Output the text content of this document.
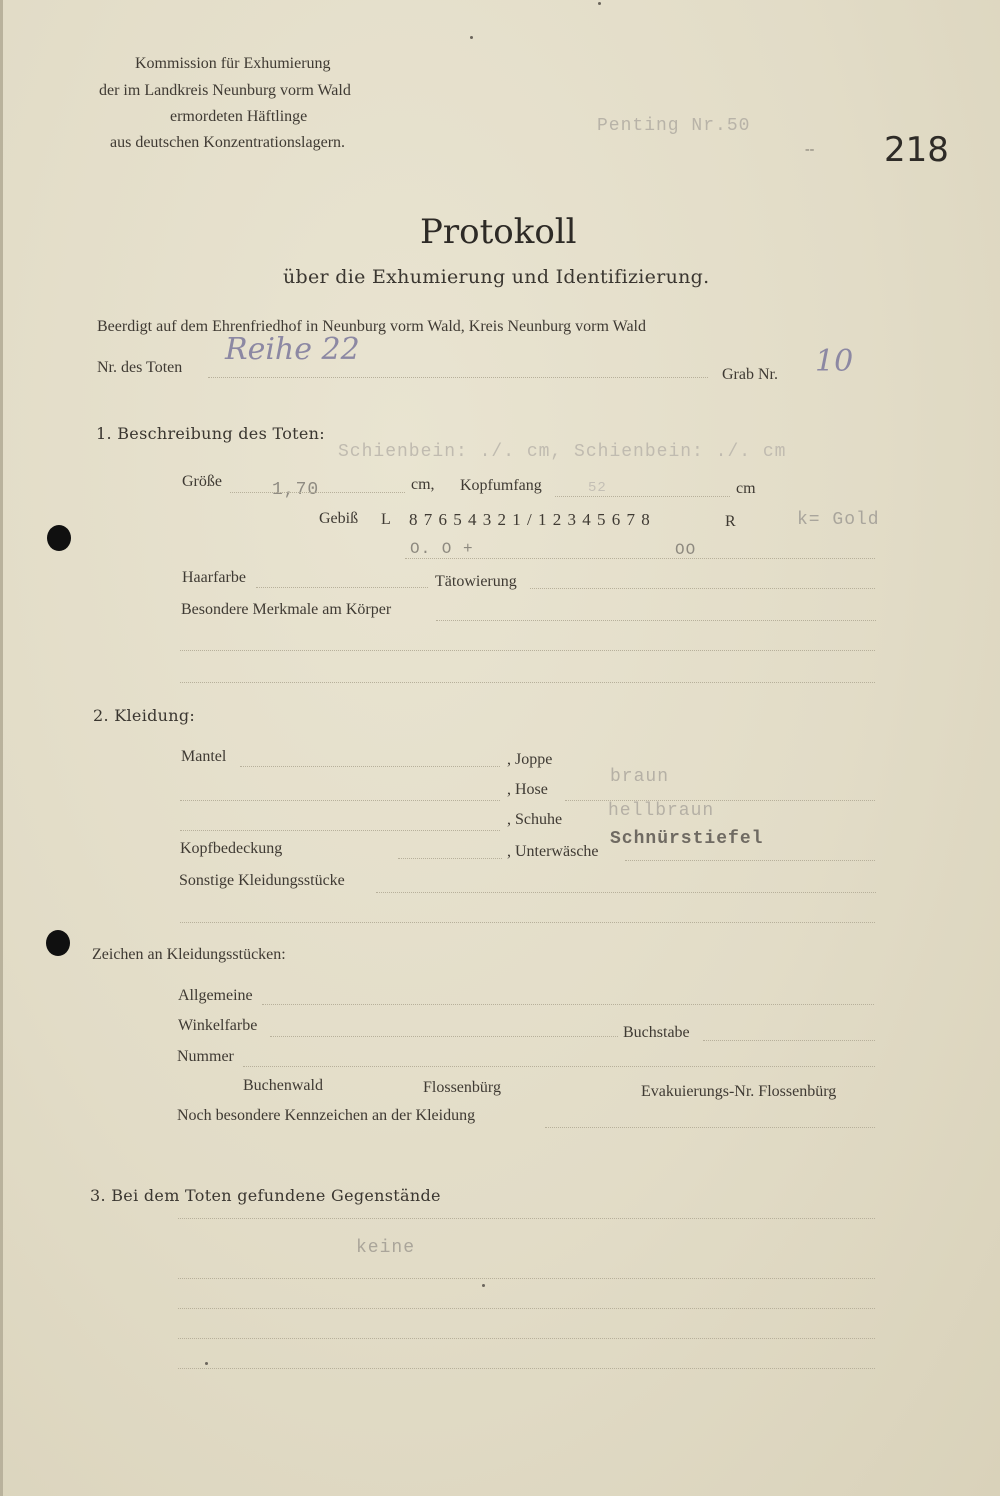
Kommission für Exhumierung
der im Landkreis Neunburg vorm Wald
ermordeten Häftlinge
aus deutschen Konzentrationslagern.
Penting Nr.50
-- 218
Protokoll
über die Exhumierung und Identifizierung.
Beerdigt auf dem Ehrenfriedhof in Neunburg vorm Wald, Kreis Neunburg vorm Wald
Nr. des Toten
Reihe 22
Grab Nr. 10
1. Beschreibung des Toten:
Schienbein: ./. cm, Schienbein: ./. cm
Größe	1,70	cm, Kopfumfang	52	cm
Gebiß L 8 7 6 5 4 3 2 1 / 1 2 3 4 5 6 7 8	R	k= Gold
O. O +	OO
Haarfarbe	Tätowierung
Besondere Merkmale am Körper
2. Kleidung:
Mantel	, Joppe
braun
, Hose
hellbraun
, Schuhe
Schnürstiefel
Kopfbedeckung	, Unterwäsche
Sonstige Kleidungsstücke
Zeichen an Kleidungsstücken:
Allgemeine
Winkelfarbe	Buchstabe
Nummer
Buchenwald	Flossenbürg	Evakuierungs-Nr. Flossenbürg
Noch besondere Kennzeichen an der Kleidung
3. Bei dem Toten gefundene Gegenstände
keine
